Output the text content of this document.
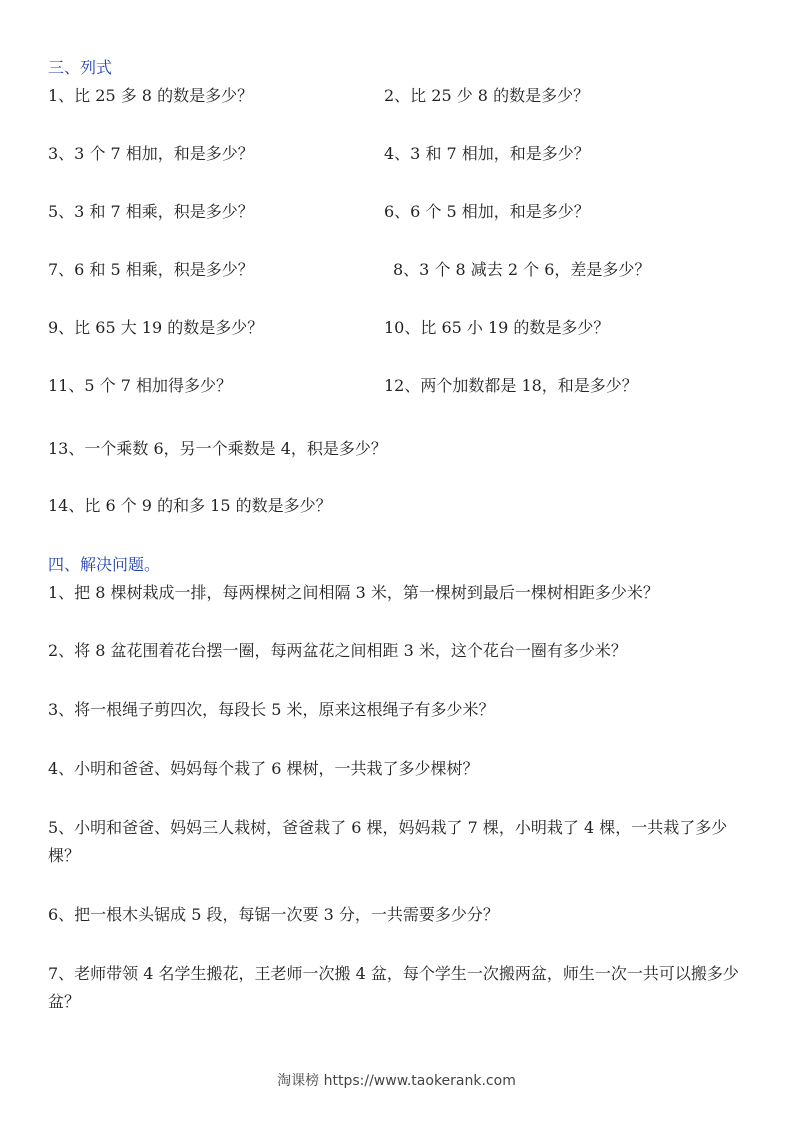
三、列式
1、比 25 多 8 的数是多少？	2、比 25 少 8 的数是多少？
3、3 个 7 相加，和是多少？	4、3 和 7 相加，和是多少？
5、3 和 7 相乘，积是多少？	6、6 个 5 相加，和是多少？
7、6 和 5 相乘，积是多少？	8、3 个 8 减去 2 个 6，差是多少？
9、比 65 大 19 的数是多少？	10、比 65 小 19 的数是多少？
11、5 个 7 相加得多少？	12、两个加数都是 18，和是多少？
13、一个乘数 6，另一个乘数是 4，积是多少？
14、比 6 个 9 的和多 15 的数是多少？
四、解决问题。
1、把 8 棵树栽成一排，每两棵树之间相隔 3 米，第一棵树到最后一棵树相距多少米？
2、将 8 盆花围着花台摆一圈，每两盆花之间相距 3 米，这个花台一圈有多少米？
3、将一根绳子剪四次，每段长 5 米，原来这根绳子有多少米？
4、小明和爸爸、妈妈每个栽了 6 棵树，一共栽了多少棵树？
5、小明和爸爸、妈妈三人栽树，爸爸栽了 6 棵，妈妈栽了 7 棵，小明栽了 4 棵，一共栽了多少棵？
6、把一根木头锯成 5 段，每锯一次要 3 分，一共需要多少分？
7、老师带领 4 名学生搬花，王老师一次搬 4 盆，每个学生一次搬两盆，师生一次一共可以搬多少盆？
淘课榜 https://www.taokerank.com
